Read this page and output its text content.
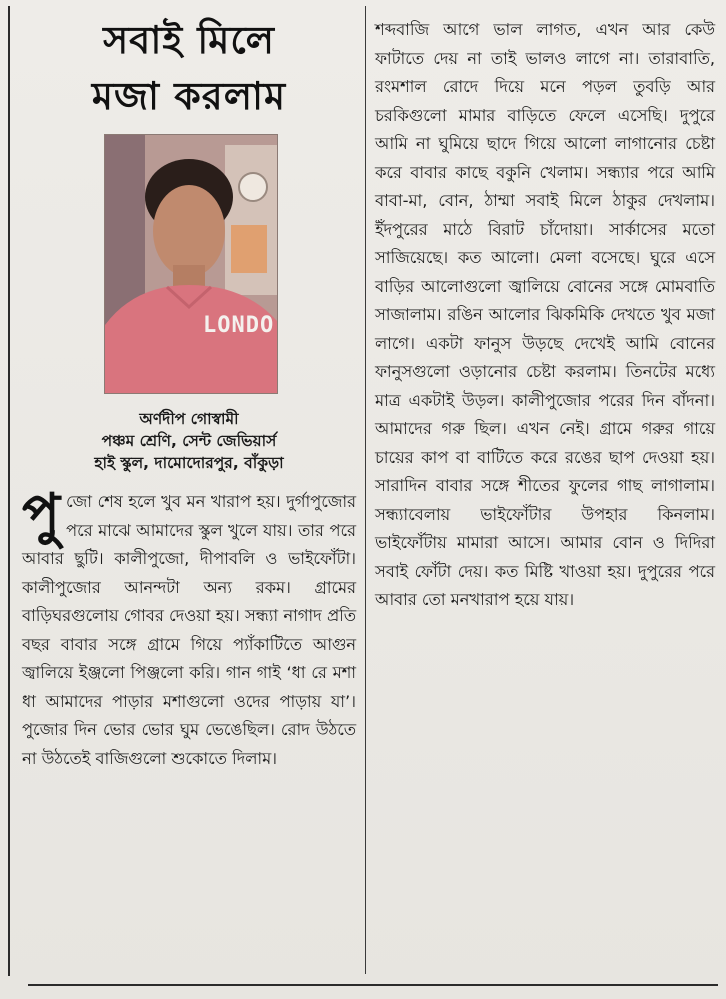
সবাই মিলে
মজা করলাম
LONDO
অর্ণদীপ গোস্বামী
পঞ্চম শ্রেণি, সেন্ট জেভিয়ার্স
হাই স্কুল, দামোদোরপুর, বাঁকুড়া
পু জো শেষ হলে খুব মন খারাপ হয়। দুর্গাপুজোর পরে মাঝে আমাদের স্কুল খুলে যায়। তার পরে আবার ছুটি। কালীপুজো, দীপাবলি ও ভাইফোঁটা। কালীপুজোর আনন্দটা অন্য রকম। গ্রামের বাড়িঘরগুলোয় গোবর দেওয়া হয়। সন্ধ্যা নাগাদ প্রতি বছর বাবার সঙ্গে গ্রামে গিয়ে প্যাঁকাটিতে আগুন জ্বালিয়ে ইঞ্জলো পিঞ্জলো করি। গান গাই ‘ধা রে মশা ধা আমাদের পাড়ার মশাগুলো ওদের পাড়ায় যা’। পুজোর দিন ভোর ভোর ঘুম ভেঙেছিল। রোদ উঠতে না উঠতেই বাজিগুলো শুকোতে দিলাম।

শব্দবাজি আগে ভাল লাগত, এখন আর কেউ ফাটাতে দেয় না তাই ভালও লাগে না। তারাবাতি, রংমশাল রোদে দিয়ে মনে পড়ল তুবড়ি আর চরকিগুলো মামার বাড়িতে ফেলে এসেছি। দুপুরে আমি না ঘুমিয়ে ছাদে গিয়ে আলো লাগানোর চেষ্টা করে বাবার কাছে বকুনি খেলাম। সন্ধ্যার পরে আমি বাবা-মা, বোন, ঠাম্মা সবাই মিলে ঠাকুর দেখলাম। ইঁদপুরের মাঠে বিরাট চাঁদোয়া। সার্কাসের মতো সাজিয়েছে। কত আলো। মেলা বসেছে। ঘুরে এসে বাড়ির আলোগুলো জ্বালিয়ে বোনের সঙ্গে মোমবাতি সাজালাম। রঙিন আলোর ঝিকমিকি দেখতে খুব মজা লাগে। একটা ফানুস উড়ছে দেখেই আমি বোনের ফানুসগুলো ওড়ানোর চেষ্টা করলাম। তিনটের মধ্যে মাত্র একটাই উড়ল। কালীপুজোর পরের দিন বাঁদনা। আমাদের গরু ছিল। এখন নেই। গ্রামে গরুর গায়ে চায়ের কাপ বা বাটিতে করে রঙের ছাপ দেওয়া হয়। সারাদিন বাবার সঙ্গে শীতের ফুলের গাছ লাগালাম। সন্ধ্যাবেলায় ভাইফোঁটার উপহার কিনলাম। ভাইফোঁটায় মামারা আসে। আমার বোন ও দিদিরা সবাই ফোঁটা দেয়। কত মিষ্টি খাওয়া হয়। দুপুরের পরে আবার তো মনখারাপ হয়ে যায়।
